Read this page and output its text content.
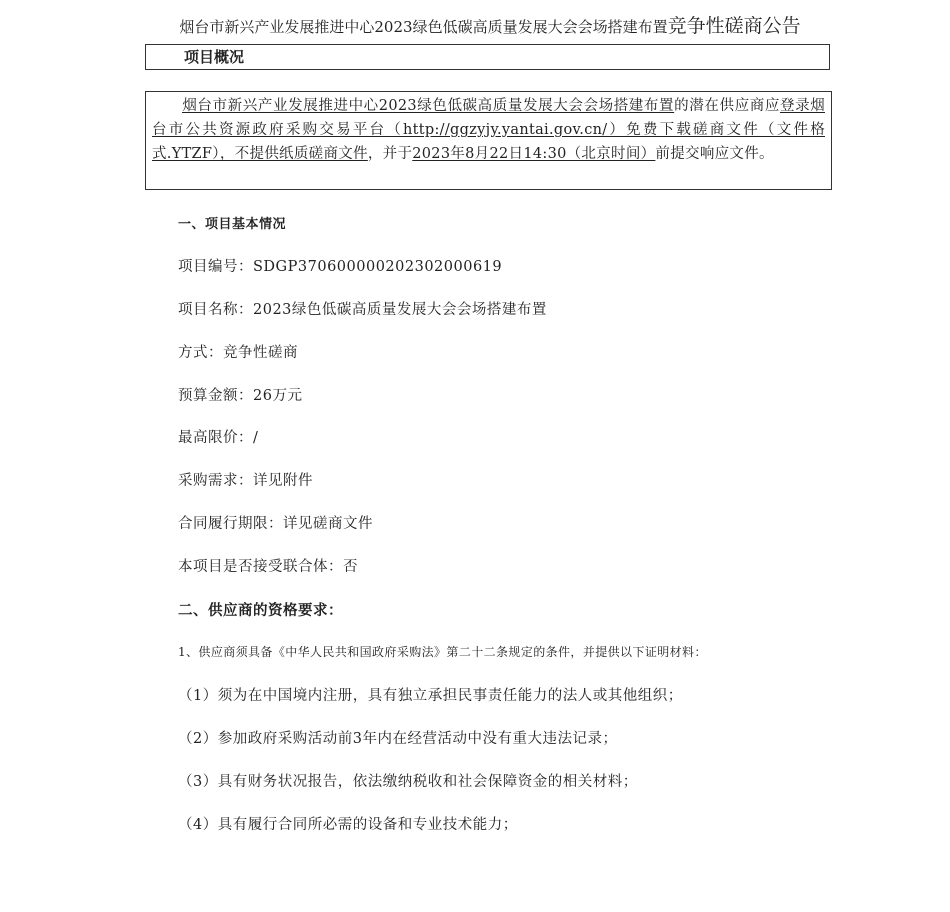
烟台市新兴产业发展推进中心2023绿色低碳高质量发展大会会场搭建布置竞争性磋商公告
项目概况
烟台市新兴产业发展推进中心2023绿色低碳高质量发展大会会场搭建布置的潜在供应商应登录烟台市公共资源政府采购交易平台（http://ggzyjy.yantai.gov.cn/）免费下载磋商文件（文件格式.YTZF），不提供纸质磋商文件，并于2023年8月22日14:30（北京时间）前提交响应文件。
一、项目基本情况
项目编号：SDGP370600000202302000619
项目名称：2023绿色低碳高质量发展大会会场搭建布置
方式：竞争性磋商
预算金额：26万元
最高限价：/
采购需求：详见附件
合同履行期限：详见磋商文件
本项目是否接受联合体：否
二、供应商的资格要求：
1、供应商须具备《中华人民共和国政府采购法》第二十二条规定的条件，并提供以下证明材料：
（1）须为在中国境内注册，具有独立承担民事责任能力的法人或其他组织；
（2）参加政府采购活动前3年内在经营活动中没有重大违法记录；
（3）具有财务状况报告，依法缴纳税收和社会保障资金的相关材料；
（4）具有履行合同所必需的设备和专业技术能力；
